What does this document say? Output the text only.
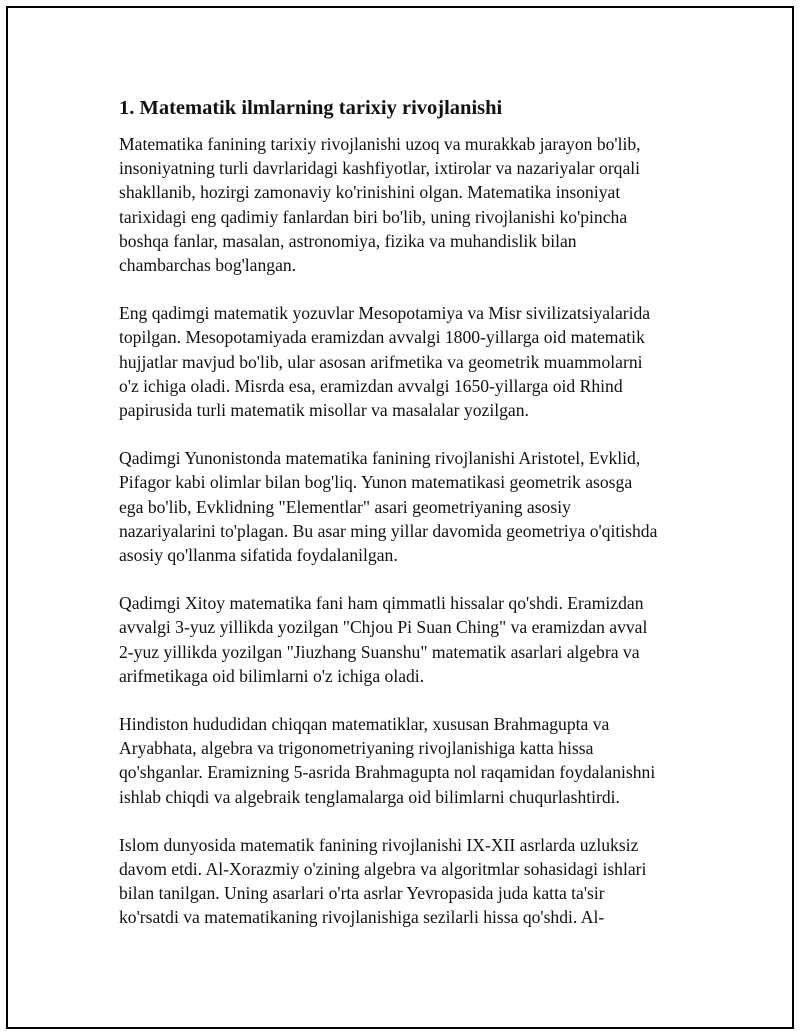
1. Matematik ilmlarning tarixiy rivojlanishi

Matematika fanining tarixiy rivojlanishi uzoq va murakkab jarayon bo'lib,
insoniyatning turli davrlaridagi kashfiyotlar, ixtirolar va nazariyalar orqali
shakllanib, hozirgi zamonaviy ko'rinishini olgan. Matematika insoniyat
tarixidagi eng qadimiy fanlardan biri bo'lib, uning rivojlanishi ko'pincha
boshqa fanlar, masalan, astronomiya, fizika va muhandislik bilan
chambarchas bog'langan.

Eng qadimgi matematik yozuvlar Mesopotamiya va Misr sivilizatsiyalarida
topilgan. Mesopotamiyada eramizdan avvalgi 1800-yillarga oid matematik
hujjatlar mavjud bo'lib, ular asosan arifmetika va geometrik muammolarni
o'z ichiga oladi. Misrda esa, eramizdan avvalgi 1650-yillarga oid Rhind
papirusida turli matematik misollar va masalalar yozilgan.

Qadimgi Yunonistonda matematika fanining rivojlanishi Aristotel, Evklid,
Pifagor kabi olimlar bilan bog'liq. Yunon matematikasi geometrik asosga
ega bo'lib, Evklidning "Elementlar" asari geometriyaning asosiy
nazariyalarini to'plagan. Bu asar ming yillar davomida geometriya o'qitishda
asosiy qo'llanma sifatida foydalanilgan.

Qadimgi Xitoy matematika fani ham qimmatli hissalar qo'shdi. Eramizdan
avvalgi 3-yuz yillikda yozilgan "Chjou Pi Suan Ching" va eramizdan avval
2-yuz yillikda yozilgan "Jiuzhang Suanshu" matematik asarlari algebra va
arifmetikaga oid bilimlarni o'z ichiga oladi.

Hindiston hududidan chiqqan matematiklar, xususan Brahmagupta va
Aryabhata, algebra va trigonometriyaning rivojlanishiga katta hissa
qo'shganlar. Eramizning 5-asrida Brahmagupta nol raqamidan foydalanishni
ishlab chiqdi va algebraik tenglamalarga oid bilimlarni chuqurlashtirdi.

Islom dunyosida matematik fanining rivojlanishi IX-XII asrlarda uzluksiz
davom etdi. Al-Xorazmiy o'zining algebra va algoritmlar sohasidagi ishlari
bilan tanilgan. Uning asarlari o'rta asrlar Yevropasida juda katta ta'sir
ko'rsatdi va matematikaning rivojlanishiga sezilarli hissa qo'shdi. Al-
